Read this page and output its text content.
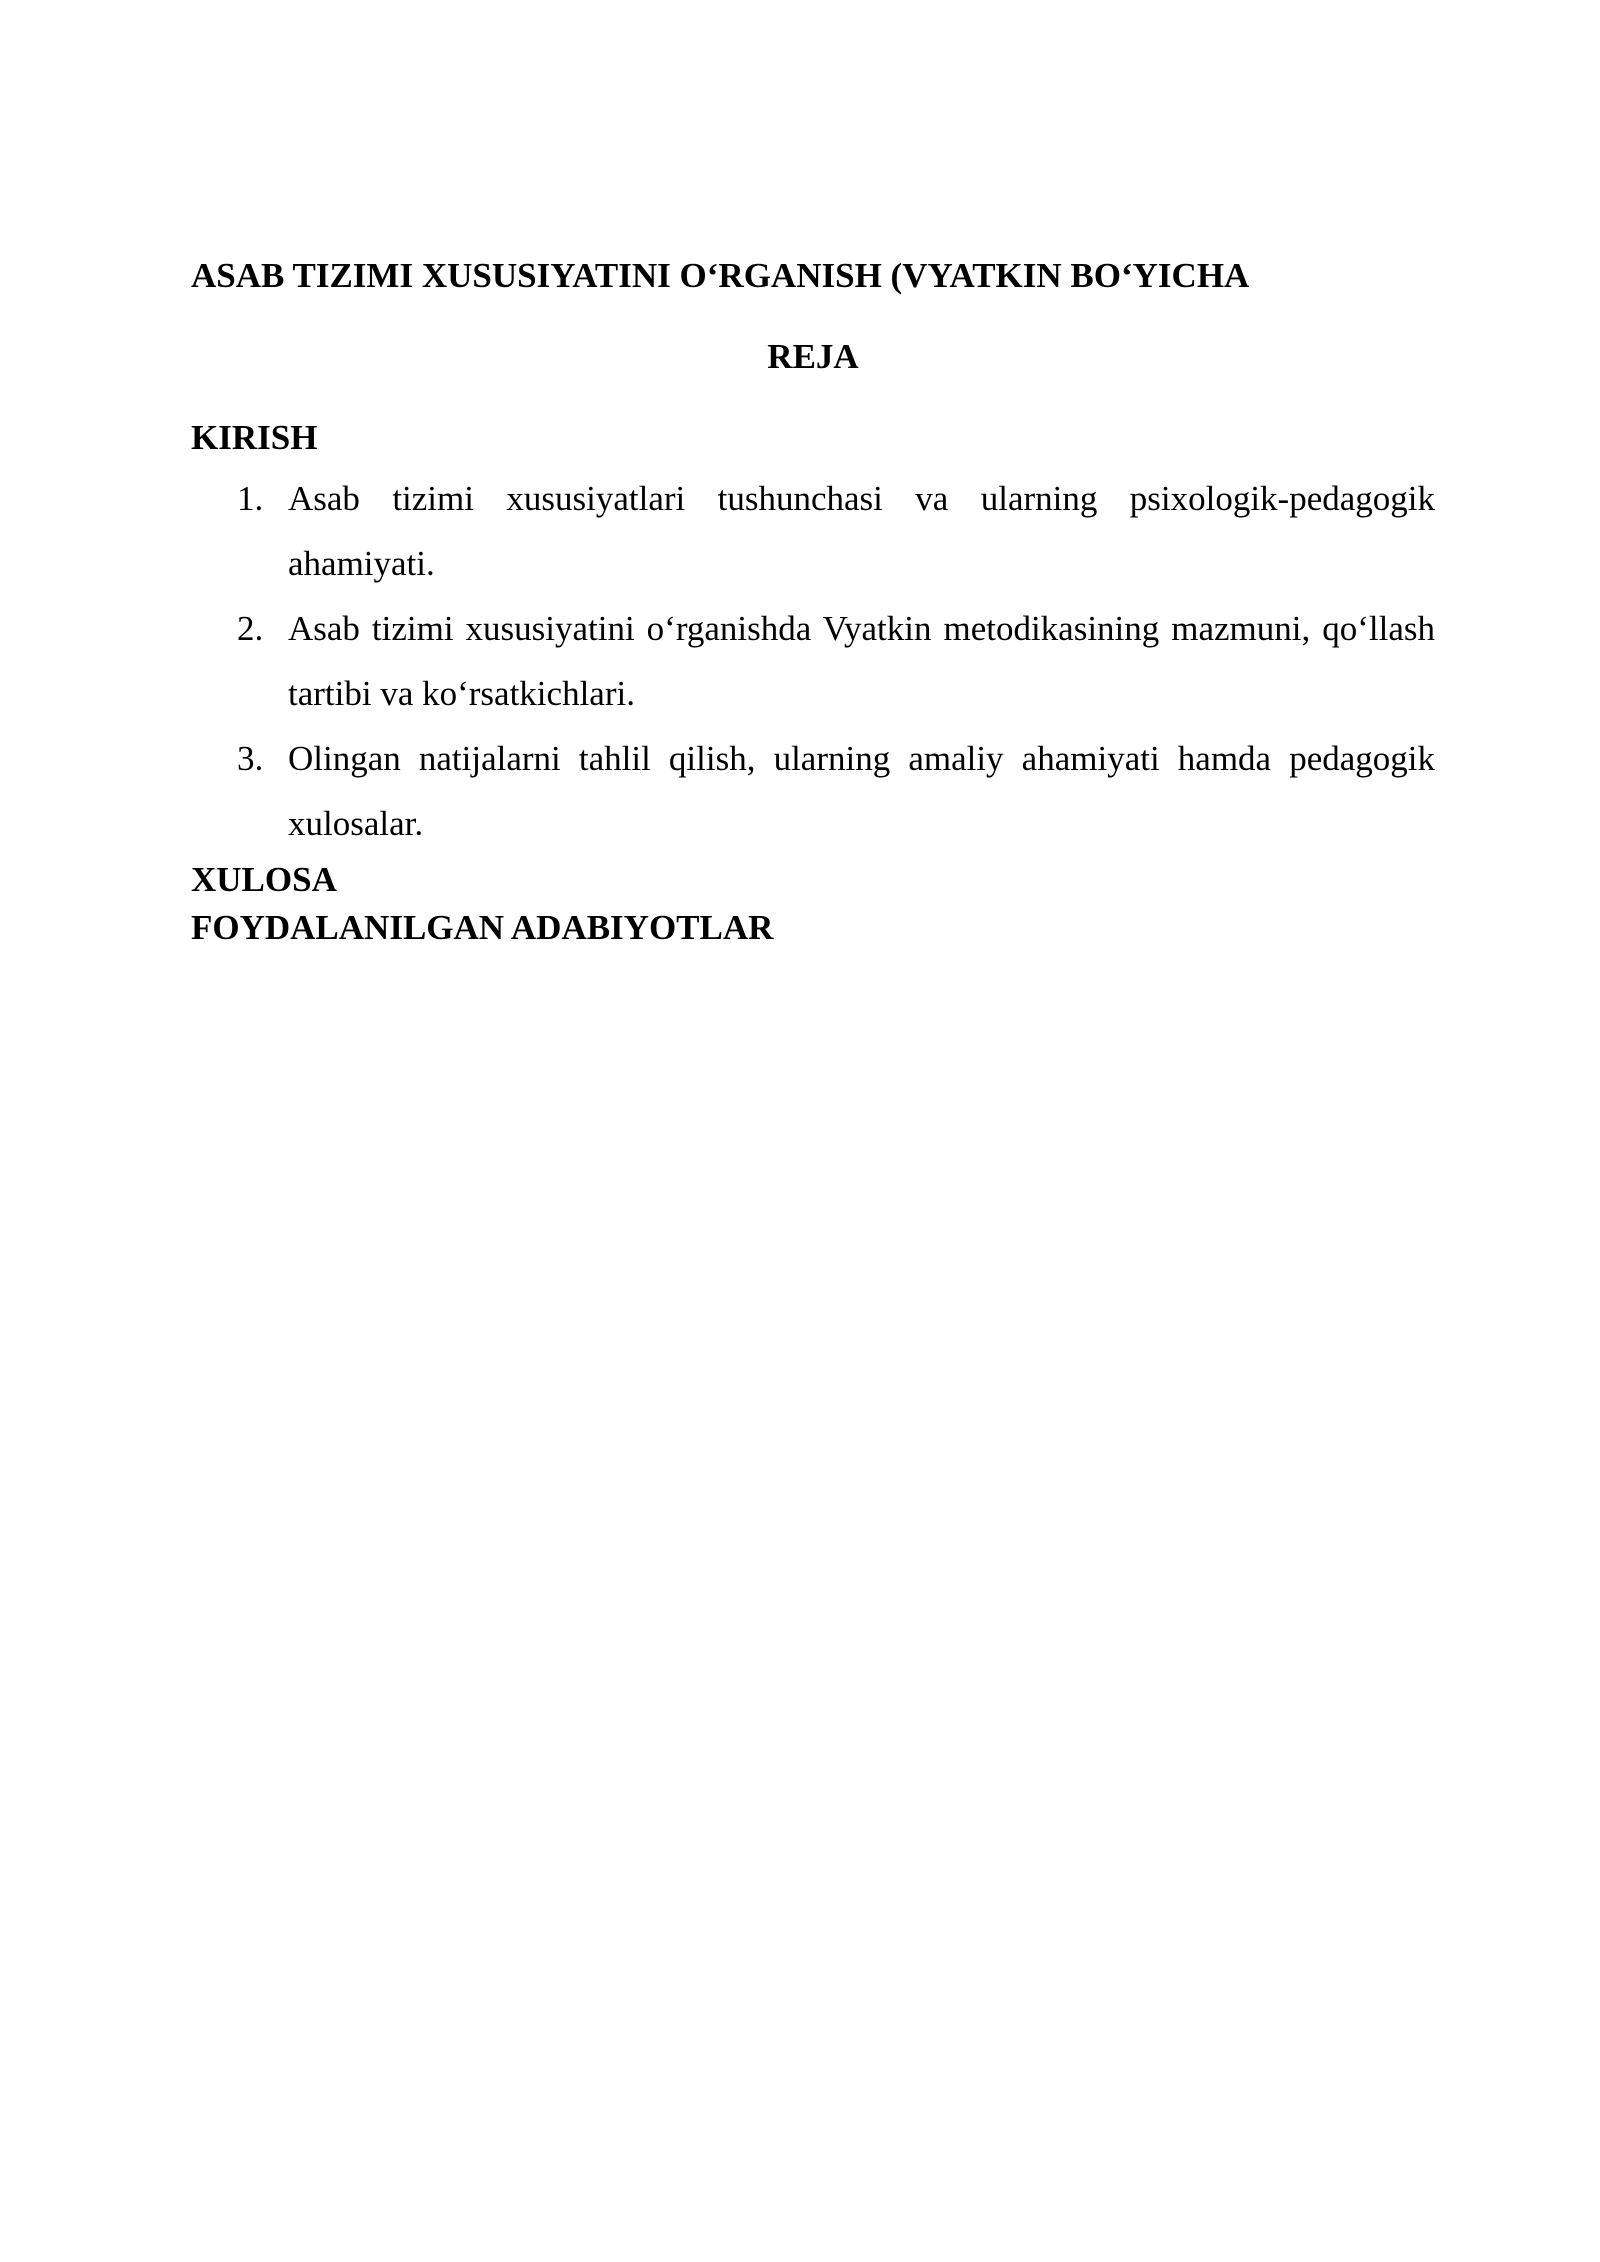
ASAB TIZIMI XUSUSIYATINI O‘RGANISH (VYATKIN BO‘YICHA
REJA
KIRISH
1. Asab tizimi xususiyatlari tushunchasi va ularning psixologik-pedagogik ahamiyati.
2. Asab tizimi xususiyatini o‘rganishda Vyatkin metodikasining mazmuni, qo‘llash tartibi va ko‘rsatkichlari.
3. Olingan natijalarni tahlil qilish, ularning amaliy ahamiyati hamda pedagogik xulosalar.
XULOSA
FOYDALANILGAN ADABIYOTLAR
